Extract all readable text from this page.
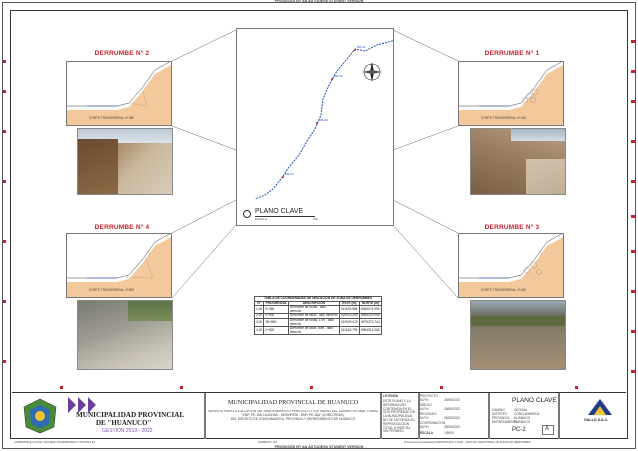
PRODUCED BY AN AUTODESK STUDENT VERSION
PRODUCED BY AN AUTODESK STUDENT VERSION
DR-01
DR-02
DR-03
DR-04
N
PLANO CLAVE
ESCALA	S/E
DERRUMBE N° 2
CORTE TRANSVERSAL 0+380
DERRUMBE N° 1
CORTE TRANSVERSAL 0+240
DERRUMBE N° 4
CORTE TRANSVERSAL 2+820
DERRUMBE N° 3
CORTE TRANSVERSAL 2+420
TABLA DE COORDENADAS DE UBICACION DE ZONA DE DERRUMBES				
N°	PROGRESIVA	DESCRIPCIÓN	ESTE (m)	NORTE (m)
1.00	0+380	Derrumbe de rocas - lado derecho	311678.986	8965574.996
2.00	0+530	Derrumbe de talud - lado derecho	320923.289	8965423.945
3.00	2B+850	Derrumbe de rocas, 17m - lado derecho	312949.019	8975373.744
4.00	2+820	Derrumbe de talud, 40m - lado derecho	311618.799	8964913.268
MUNICIPALIDAD PROVINCIAL
DE "HUANUCO"
GESTION 2019 - 2022
MUNICIPALIDAD PROVINCIAL DE HUANUCO
SERVICIO PARA LA EJECUCIÓN DEL MANTENIMIENTO PERIÓDICO Y RUTINARIO DEL CAMINO VECINAL TRAMO
"EMP. PE-18A CUASHAS - MOSHPATA - EMP. PE-18A" (CONCORDIA),
DEL DISTRITO DE CONCHAMARCA, PROVINCIA Y DEPARTAMENTO DE HUANUCO
LEYENDA
ESTE PLANO Y LA INFORMACION CONTENIDA EN EL SON PROPIEDAD DE LA MUNICIPALIDAD. NO SE AUTORIZA SU REPRODUCCION TOTAL O PARCIAL SIN PERMISO
PROYECTO
M.P.H.	25/08/2022
DIBUJO
M.P.H.	25/08/2022
REVISADO
M.P.H.	25/08/2022
COORDINACION
M.P.H.	25/08/2022
ESCALA	1/5000
PLANO CLAVE
CAMINO	VECINAL
DISTRITO CONCHAMARCA
PROVINCIA HUANUCO
DEPARTAMENTO
HUANUCO
PC-2	A
GALLO S.A.C.
COMPATIBLE CON EL SISTEMA COORDENADO UTM WGS 84	FORMATO: A3	D:\Users\Lenovo\Desktop\CAMINO\PLANO CLAVE - GESTION TERRITORIAL DE ZONAS DE DERRUMBES
